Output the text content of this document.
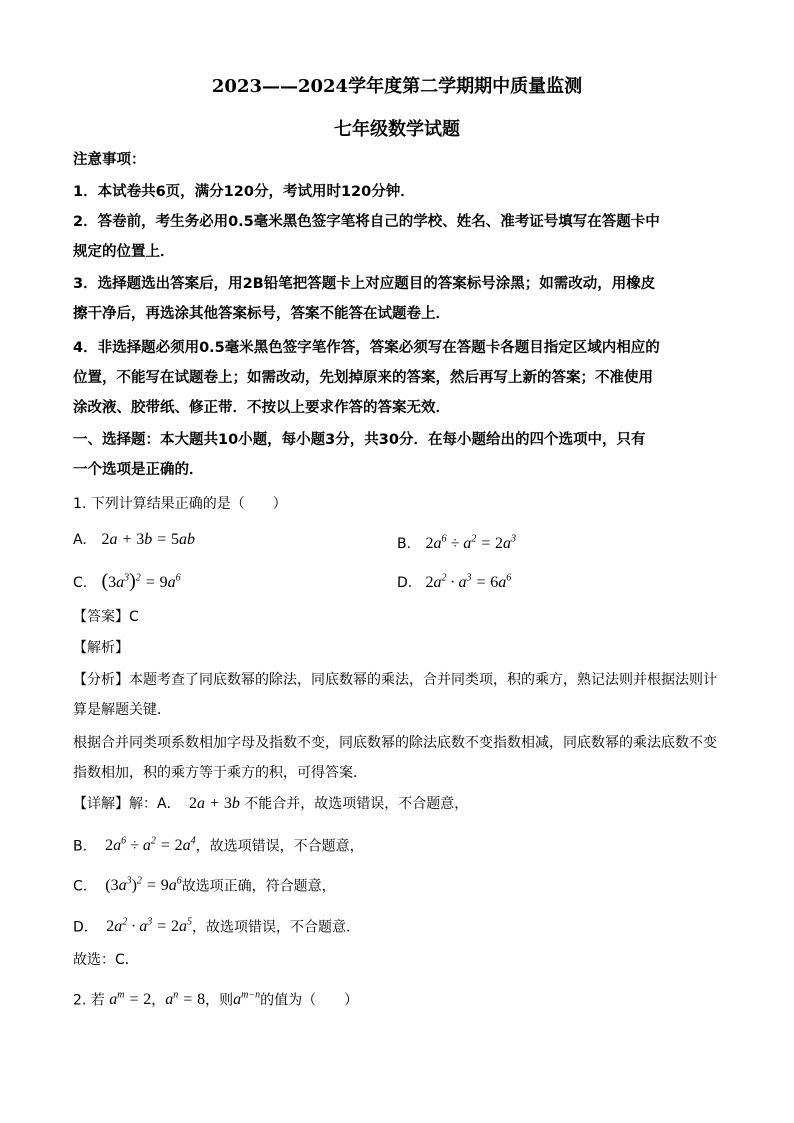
2023——2024学年度第二学期期中质量监测
七年级数学试题
注意事项：
1．本试卷共6页，满分120分，考试用时120分钟．
2．答卷前，考生务必用0.5毫米黑色签字笔将自己的学校、姓名、准考证号填写在答题卡中
规定的位置上．
3．选择题选出答案后，用2B铅笔把答题卡上对应题目的答案标号涂黑；如需改动，用橡皮
擦干净后，再选涂其他答案标号，答案不能答在试题卷上．
4．非选择题必须用0.5毫米黑色签字笔作答，答案必须写在答题卡各题目指定区域内相应的
位置，不能写在试题卷上；如需改动，先划掉原来的答案，然后再写上新的答案；不准使用
涂改液、胶带纸、修正带．不按以上要求作答的答案无效．
一、选择题：本大题共10小题，每小题3分，共30分．在每小题给出的四个选项中，只有
一个选项是正确的．
1. 下列计算结果正确的是（　　）
A. 2a + 3b = 5ab	B. $2a^6 \div a^2 = 2a^3$
C. $(3a^3)^2 = 9a^6$	D. $2a^2 \cdot a^3 = 6a^6$
【答案】C
【解析】
【分析】本题考查了同底数幂的除法，同底数幂的乘法，合并同类项，积的乘方，熟记法则并根据法则计
算是解题关键．
根据合并同类项系数相加字母及指数不变，同底数幂的除法底数不变指数相减，同底数幂的乘法底数不变
指数相加，积的乘方等于乘方的积，可得答案．
【详解】解：A． 2a + 3b 不能合并，故选项错误，不合题意，
B． $2a^6 \div a^2 = 2a^4$，故选项错误，不合题意，
C． $(3a^3)^2 = 9a^6$故选项正确，符合题意，
D． $2a^2 \cdot a^3 = 2a^5$，故选项错误，不合题意．
故选：C．
2. 若 $a^m = 2$，$a^n = 8$，则$a^{m-n}$的值为（　　）
